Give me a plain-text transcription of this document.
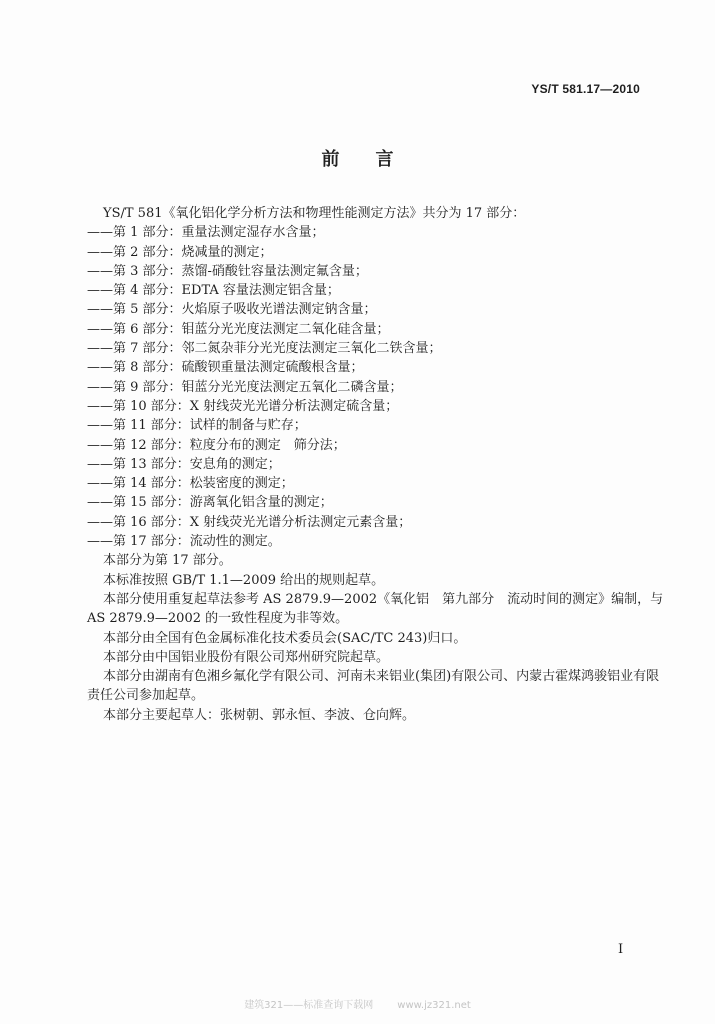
YS/T 581.17—2010
前　言
YS/T 581《氧化铝化学分析方法和物理性能测定方法》共分为 17 部分：
——第 1 部分：重量法测定湿存水含量；
——第 2 部分：烧减量的测定；
——第 3 部分：蒸馏-硝酸钍容量法测定氟含量；
——第 4 部分：EDTA 容量法测定铝含量；
——第 5 部分：火焰原子吸收光谱法测定钠含量；
——第 6 部分：钼蓝分光光度法测定二氧化硅含量；
——第 7 部分：邻二氮杂菲分光光度法测定三氧化二铁含量；
——第 8 部分：硫酸钡重量法测定硫酸根含量；
——第 9 部分：钼蓝分光光度法测定五氧化二磷含量；
——第 10 部分：X 射线荧光光谱分析法测定硫含量；
——第 11 部分：试样的制备与贮存；
——第 12 部分：粒度分布的测定　筛分法；
——第 13 部分：安息角的测定；
——第 14 部分：松装密度的测定；
——第 15 部分：游离氧化铝含量的测定；
——第 16 部分：X 射线荧光光谱分析法测定元素含量；
——第 17 部分：流动性的测定。
本部分为第 17 部分。
本标准按照 GB/T 1.1—2009 给出的规则起草。
本部分使用重复起草法参考 AS 2879.9—2002《氧化铝　第九部分　流动时间的测定》编制，与
AS 2879.9—2002 的一致性程度为非等效。
本部分由全国有色金属标准化技术委员会(SAC/TC 243)归口。
本部分由中国铝业股份有限公司郑州研究院起草。
本部分由湖南有色湘乡氟化学有限公司、河南未来铝业(集团)有限公司、内蒙古霍煤鸿骏铝业有限
责任公司参加起草。
本部分主要起草人：张树朝、郭永恒、李波、仓向辉。
I
建筑321——标准查询下载网 www.jz321.net
